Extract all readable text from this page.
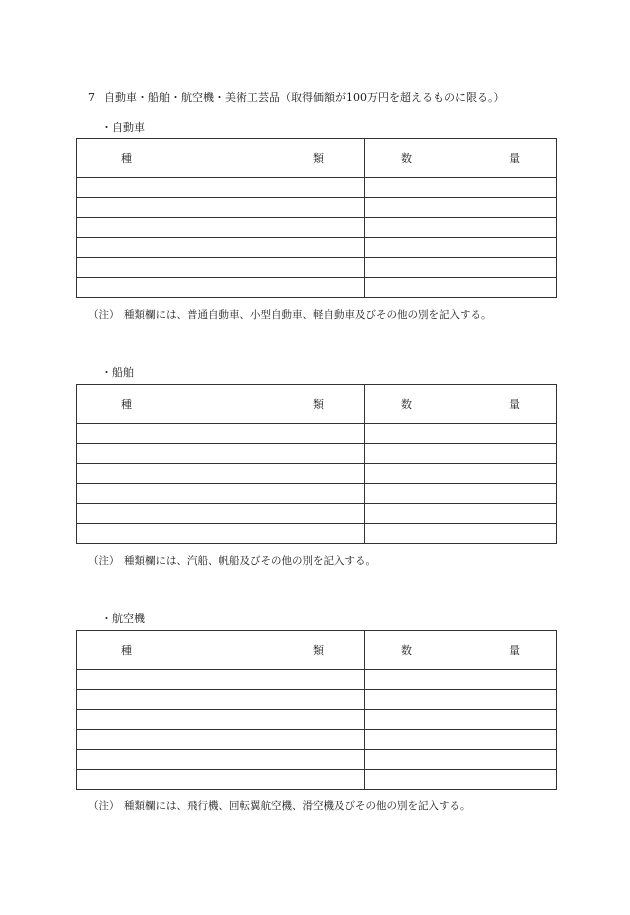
7 自動車・船舶・航空機・美術工芸品（取得価額が100万円を超えるものに限る。）
・自動車
種 類	数 量

（注） 種類欄には、普通自動車、小型自動車、軽自動車及びその他の別を記入する。
・船舶
種 類	数 量

（注） 種類欄には、汽船、帆船及びその他の別を記入する。
・航空機
種 類	数 量

（注） 種類欄には、飛行機、回転翼航空機、滑空機及びその他の別を記入する。
